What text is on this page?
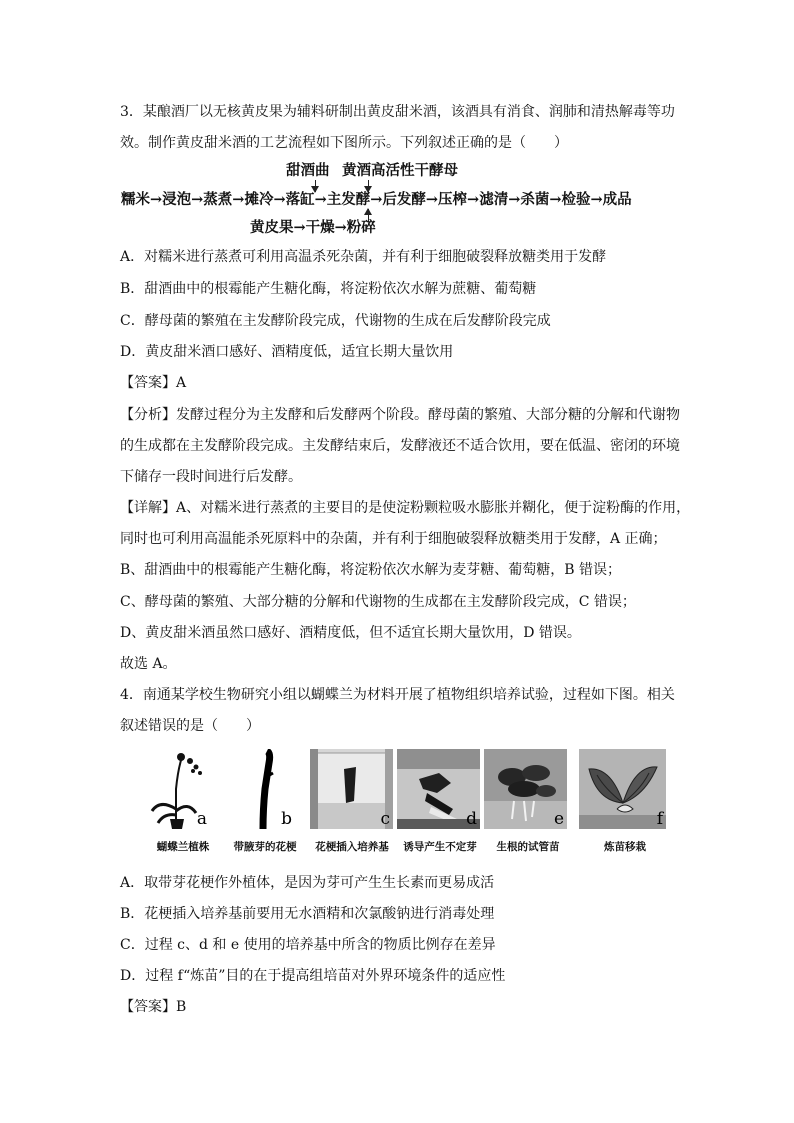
3．某酿酒厂以无核黄皮果为辅料研制出黄皮甜米酒，该酒具有消食、润肺和清热解毒等功
效。制作黄皮甜米酒的工艺流程如下图所示。下列叙述正确的是（　　）
甜酒曲 黄酒高活性干酵母
糯米→浸泡→蒸煮→摊冷→落缸→主发酵→后发酵→压榨→滤清→杀菌→检验→成品
黄皮果→干燥→粉碎
A．对糯米进行蒸煮可利用高温杀死杂菌，并有利于细胞破裂释放糖类用于发酵
B．甜酒曲中的根霉能产生糖化酶，将淀粉依次水解为蔗糖、葡萄糖
C．酵母菌的繁殖在主发酵阶段完成，代谢物的生成在后发酵阶段完成
D．黄皮甜米酒口感好、酒精度低，适宜长期大量饮用
【答案】A
【分析】发酵过程分为主发酵和后发酵两个阶段。酵母菌的繁殖、大部分糖的分解和代谢物
的生成都在主发酵阶段完成。主发酵结束后，发酵液还不适合饮用，要在低温、密闭的环境
下储存一段时间进行后发酵。
【详解】A、对糯米进行蒸煮的主要目的是使淀粉颗粒吸水膨胀并糊化，便于淀粉酶的作用，
同时也可利用高温能杀死原料中的杂菌，并有利于细胞破裂释放糖类用于发酵，A 正确；
B、甜酒曲中的根霉能产生糖化酶，将淀粉依次水解为麦芽糖、葡萄糖，B 错误；
C、酵母菌的繁殖、大部分糖的分解和代谢物的生成都在主发酵阶段完成，C 错误；
D、黄皮甜米酒虽然口感好、酒精度低，但不适宜长期大量饮用，D 错误。
故选 A。
4．南通某学校生物研究小组以蝴蝶兰为材料开展了植物组织培养试验，过程如下图。相关
叙述错误的是（　　）
a	b	c	d	e	f
蝴蝶兰植株	带腋芽的花梗	花梗插入培养基	诱导产生不定芽	生根的试管苗	炼苗移栽
A．取带芽花梗作外植体，是因为芽可产生生长素而更易成活
B．花梗插入培养基前要用无水酒精和次氯酸钠进行消毒处理
C．过程 c、d 和 e 使用的培养基中所含的物质比例存在差异
D．过程 f“炼苗”目的在于提高组培苗对外界环境条件的适应性
【答案】B
